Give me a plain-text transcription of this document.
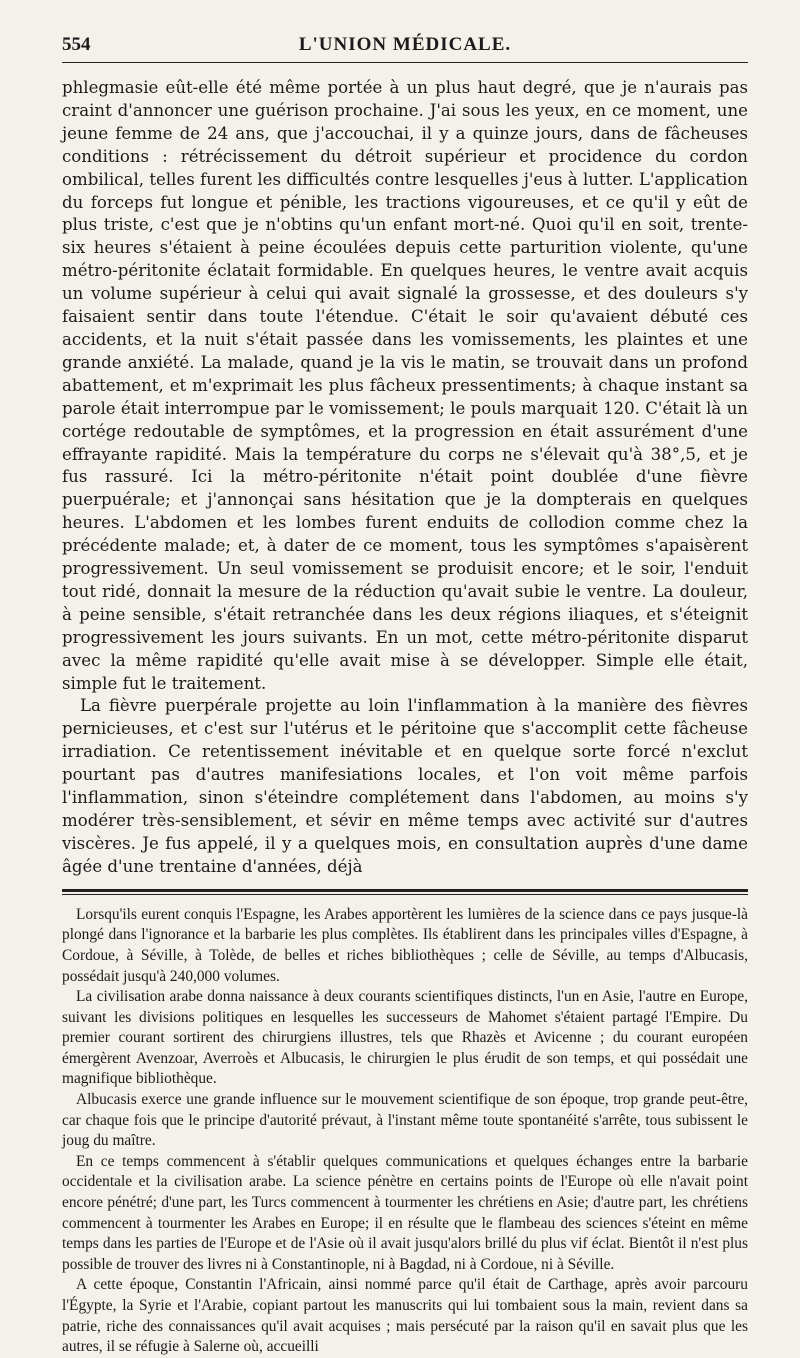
554	L'UNION MÉDICALE.

phlegmasie eût-elle été même portée à un plus haut degré, que je n'aurais pas craint d'annoncer une guérison prochaine. J'ai sous les yeux, en ce moment, une jeune femme de 24 ans, que j'accouchai, il y a quinze jours, dans de fâcheuses conditions : rétrécissement du détroit supérieur et procidence du cordon ombilical, telles furent les difficultés contre lesquelles j'eus à lutter. L'application du forceps fut longue et pénible, les tractions vigoureuses, et ce qu'il y eût de plus triste, c'est que je n'obtins qu'un enfant mort-né. Quoi qu'il en soit, trente-six heures s'étaient à peine écoulées depuis cette parturition violente, qu'une métro-péritonite éclatait formidable. En quelques heures, le ventre avait acquis un volume supérieur à celui qui avait signalé la grossesse, et des douleurs s'y faisaient sentir dans toute l'étendue. C'était le soir qu'avaient débuté ces accidents, et la nuit s'était passée dans les vomissements, les plaintes et une grande anxiété. La malade, quand je la vis le matin, se trouvait dans un profond abattement, et m'exprimait les plus fâcheux pressentiments; à chaque instant sa parole était interrompue par le vomissement; le pouls marquait 120. C'était là un cortége redoutable de symptômes, et la progression en était assurément d'une effrayante rapidité. Mais la température du corps ne s'élevait qu'à 38°,5, et je fus rassuré. Ici la métro-péritonite n'était point doublée d'une fièvre puerpuérale; et j'annonçai sans hésitation que je la dompterais en quelques heures. L'abdomen et les lombes furent enduits de collodion comme chez la précédente malade; et, à dater de ce moment, tous les symptômes s'apaisèrent progressivement. Un seul vomissement se produisit encore; et le soir, l'enduit tout ridé, donnait la mesure de la réduction qu'avait subie le ventre. La douleur, à peine sensible, s'était retranchée dans les deux régions iliaques, et s'éteignit progressivement les jours suivants. En un mot, cette métro-péritonite disparut avec la même rapidité qu'elle avait mise à se développer. Simple elle était, simple fut le traitement.

La fièvre puerpérale projette au loin l'inflammation à la manière des fièvres pernicieuses, et c'est sur l'utérus et le péritoine que s'accomplit cette fâcheuse irradiation. Ce retentissement inévitable et en quelque sorte forcé n'exclut pourtant pas d'autres manifesiations locales, et l'on voit même parfois l'inflammation, sinon s'éteindre complétement dans l'abdomen, au moins s'y modérer très-sensiblement, et sévir en même temps avec activité sur d'autres viscères. Je fus appelé, il y a quelques mois, en consultation auprès d'une dame âgée d'une trentaine d'années, déjà

Lorsqu'ils eurent conquis l'Espagne, les Arabes apportèrent les lumières de la science dans ce pays jusque-là plongé dans l'ignorance et la barbarie les plus complètes. Ils établirent dans les principales villes d'Espagne, à Cordoue, à Séville, à Tolède, de belles et riches bibliothèques ; celle de Séville, au temps d'Albucasis, possédait jusqu'à 240,000 volumes.

La civilisation arabe donna naissance à deux courants scientifiques distincts, l'un en Asie, l'autre en Europe, suivant les divisions politiques en lesquelles les successeurs de Mahomet s'étaient partagé l'Empire. Du premier courant sortirent des chirurgiens illustres, tels que Rhazès et Avicenne ; du courant européen émergèrent Avenzoar, Averroès et Albucasis, le chirurgien le plus érudit de son temps, et qui possédait une magnifique bibliothèque.

Albucasis exerce une grande influence sur le mouvement scientifique de son époque, trop grande peut-être, car chaque fois que le principe d'autorité prévaut, à l'instant même toute spontanéité s'arrête, tous subissent le joug du maître.

En ce temps commencent à s'établir quelques communications et quelques échanges entre la barbarie occidentale et la civilisation arabe. La science pénètre en certains points de l'Europe où elle n'avait point encore pénétré; d'une part, les Turcs commencent à tourmenter les chrétiens en Asie; d'autre part, les chrétiens commencent à tourmenter les Arabes en Europe; il en résulte que le flambeau des sciences s'éteint en même temps dans les parties de l'Europe et de l'Asie où il avait jusqu'alors brillé du plus vif éclat. Bientôt il n'est plus possible de trouver des livres ni à Constantinople, ni à Bagdad, ni à Cordoue, ni à Séville.

A cette époque, Constantin l'Africain, ainsi nommé parce qu'il était de Carthage, après avoir parcouru l'Égypte, la Syrie et l'Arabie, copiant partout les manuscrits qui lui tombaient sous la main, revient dans sa patrie, riche des connaissances qu'il avait acquises ; mais persécuté par la raison qu'il en savait plus que les autres, il se réfugie à Salerne où, accueilli
